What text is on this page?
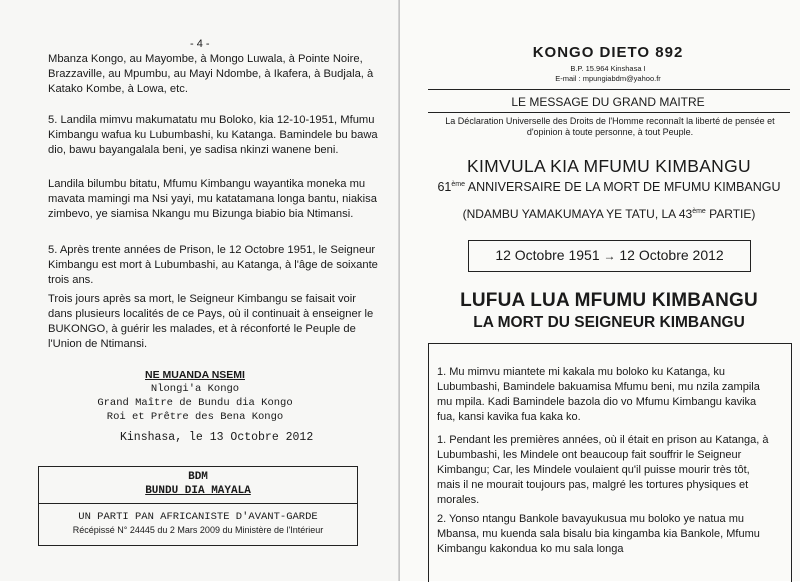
- 4 -

Mbanza Kongo, au Mayombe, à Mongo Luwala, à Pointe Noire, Brazzaville, au Mpumbu, au Mayi Ndombe, à Ikafera, à Budjala, à Katako Kombe, à Lowa, etc.

5. Landila mimvu makumatatu mu Boloko, kia 12-10-1951, Mfumu Kimbangu wafua ku Lubumbashi, ku Katanga. Bamindele bu bawa dio, bawu bayangalala beni, ye sadisa nkinzi wanene beni.

Landila bilumbu bitatu, Mfumu Kimbangu wayantika moneka mu mavata mamingi ma Nsi yayi, mu katatamana longa bantu, niakisa zimbevo, ye siamisa Nkangu mu Bizunga biabio bia Ntimansi.

5. Après trente années de Prison, le 12 Octobre 1951, le Seigneur Kimbangu est mort à Lubumbashi, au Katanga, à l'âge de soixante trois ans.

Trois jours après sa mort, le Seigneur Kimbangu se faisait voir dans plusieurs localités de ce Pays, où il continuait à enseigner le BUKONGO, à guérir les malades, et à réconforté le Peuple de l'Union de Ntimansi.

NE MUANDA NSEMI
Nlongi'a Kongo
Grand Maître de Bundu dia Kongo
Roi et Prêtre des Bena Kongo
Kinshasa, le 13 Octobre 2012
BDM
BUNDU DIA MAYALA
UN PARTI PAN AFRICANISTE D'AVANT-GARDE
Récépissé N° 24445 du 2 Mars 2009 du Ministère de l'Intérieur
KONGO DIETO 892
B.P. 15.964 Kinshasa I
E-mail : mpungiabdm@yahoo.fr
LE MESSAGE DU GRAND MAITRE
La Déclaration Universelle des Droits de l'Homme reconnaît la liberté de pensée et d'opinion à toute personne, à tout Peuple.
KIMVULA KIA MFUMU KIMBANGU
61ème ANNIVERSAIRE DE LA MORT DE MFUMU KIMBANGU
(NDAMBU YAMAKUMAYA YE TATU, LA 43ème PARTIE)
12 Octobre 1951 → 12 Octobre 2012
LUFUA LUA MFUMU KIMBANGU
LA MORT DU SEIGNEUR KIMBANGU

1. Mu mimvu miantete mi kakala mu boloko ku Katanga, ku Lubumbashi, Bamindele bakuamisa Mfumu beni, mu nzila zampila mu mpila. Kadi Bamindele bazola dio vo Mfumu Kimbangu kavika fua, kansi kavika fua kaka ko.

1. Pendant les premières années, où il était en prison au Katanga, à Lubumbashi, les Mindele ont beaucoup fait souffrir le Seigneur Kimbangu; Car, les Mindele voulaient qu'il puisse mourir très tôt, mais il ne mourait toujours pas, malgré les tortures physiques et morales.

2. Yonso ntangu Bankole bavayukusua mu boloko ye natua mu Mbansa, mu kuenda sala bisalu bia kingamba kia Bankole, Mfumu Kimbangu kakondua ko mu sala longa
